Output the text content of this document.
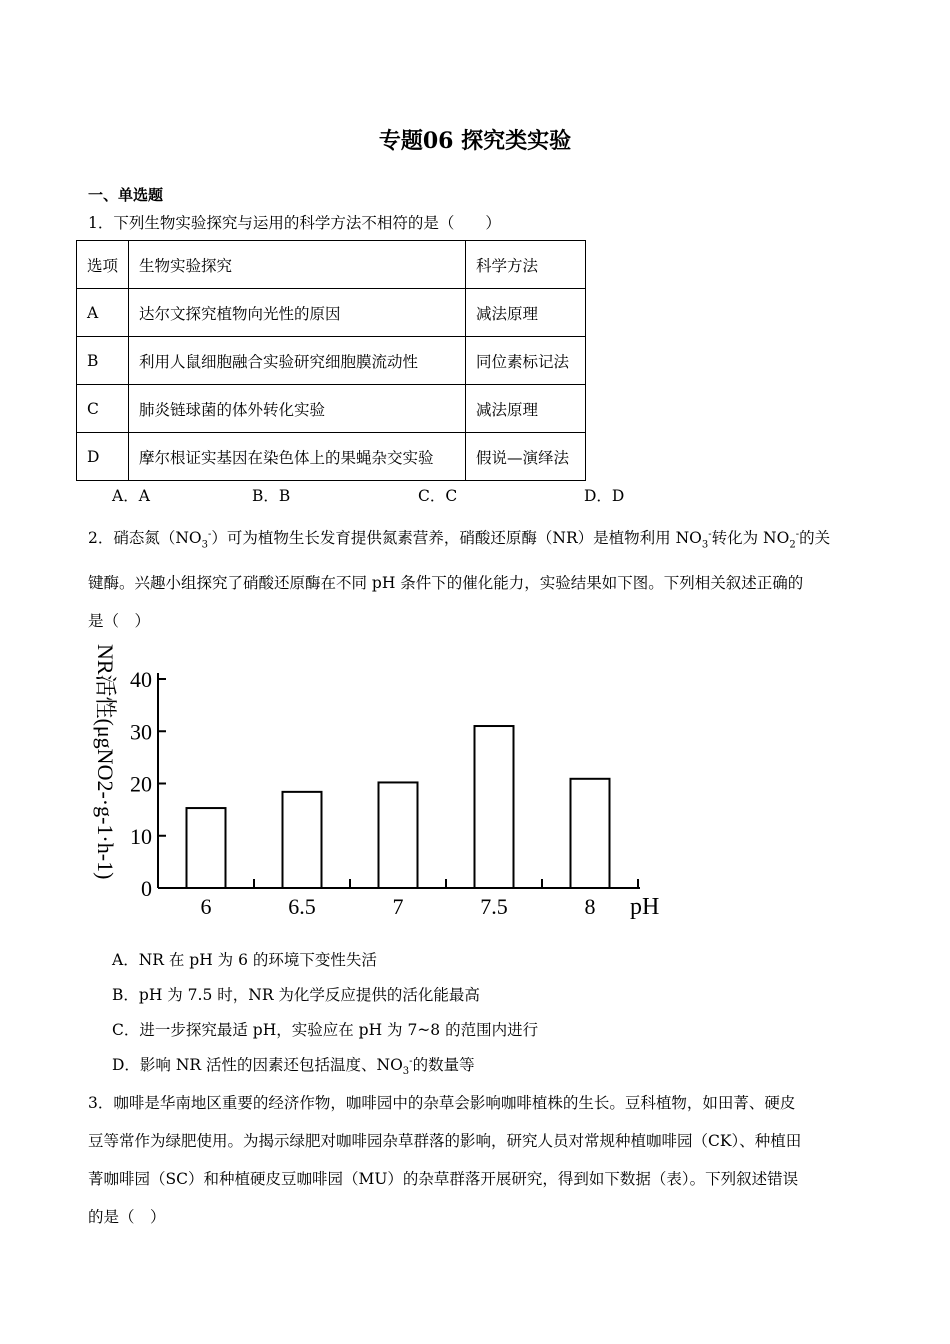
专题06 探究类实验
一、单选题
1．下列生物实验探究与运用的科学方法不相符的是（　　）
选项	生物实验探究	科学方法
A	达尔文探究植物向光性的原因	减法原理
B	利用人鼠细胞融合实验研究细胞膜流动性	同位素标记法
C	肺炎链球菌的体外转化实验	减法原理
D	摩尔根证实基因在染色体上的果蝇杂交实验	假说—演绎法
A．A	B．B	C．C	D．D
2．硝态氮$(NO_3^-)$可为植物生长发育提供氮素营养，硝酸还原酶（NR）是植物利用 $NO_3^-$转化为 $NO_2^-$的关
键酶。兴趣小组探究了硝酸还原酶在不同 pH 条件下的催化能力，实验结果如下图。下列相关叙述正确的
是（　）
0
10
20
30
40
6	6.5	7	7.5	8 pH
NR活性(μgNO2-·g-1·h-1)
A．NR 在 pH 为 6 的环境下变性失活
B．pH 为 7.5 时，NR 为化学反应提供的活化能最高
C．进一步探究最适 pH，实验应在 pH 为 7~8 的范围内进行
D．影响 NR 活性的因素还包括温度、$NO_3^-$的数量等
3．咖啡是华南地区重要的经济作物，咖啡园中的杂草会影响咖啡植株的生长。豆科植物，如田菁、硬皮
豆等常作为绿肥使用。为揭示绿肥对咖啡园杂草群落的影响，研究人员对常规种植咖啡园（CK）、种植田
菁咖啡园（SC）和种植硬皮豆咖啡园（MU）的杂草群落开展研究，得到如下数据（表）。下列叙述错误
的是（　）
